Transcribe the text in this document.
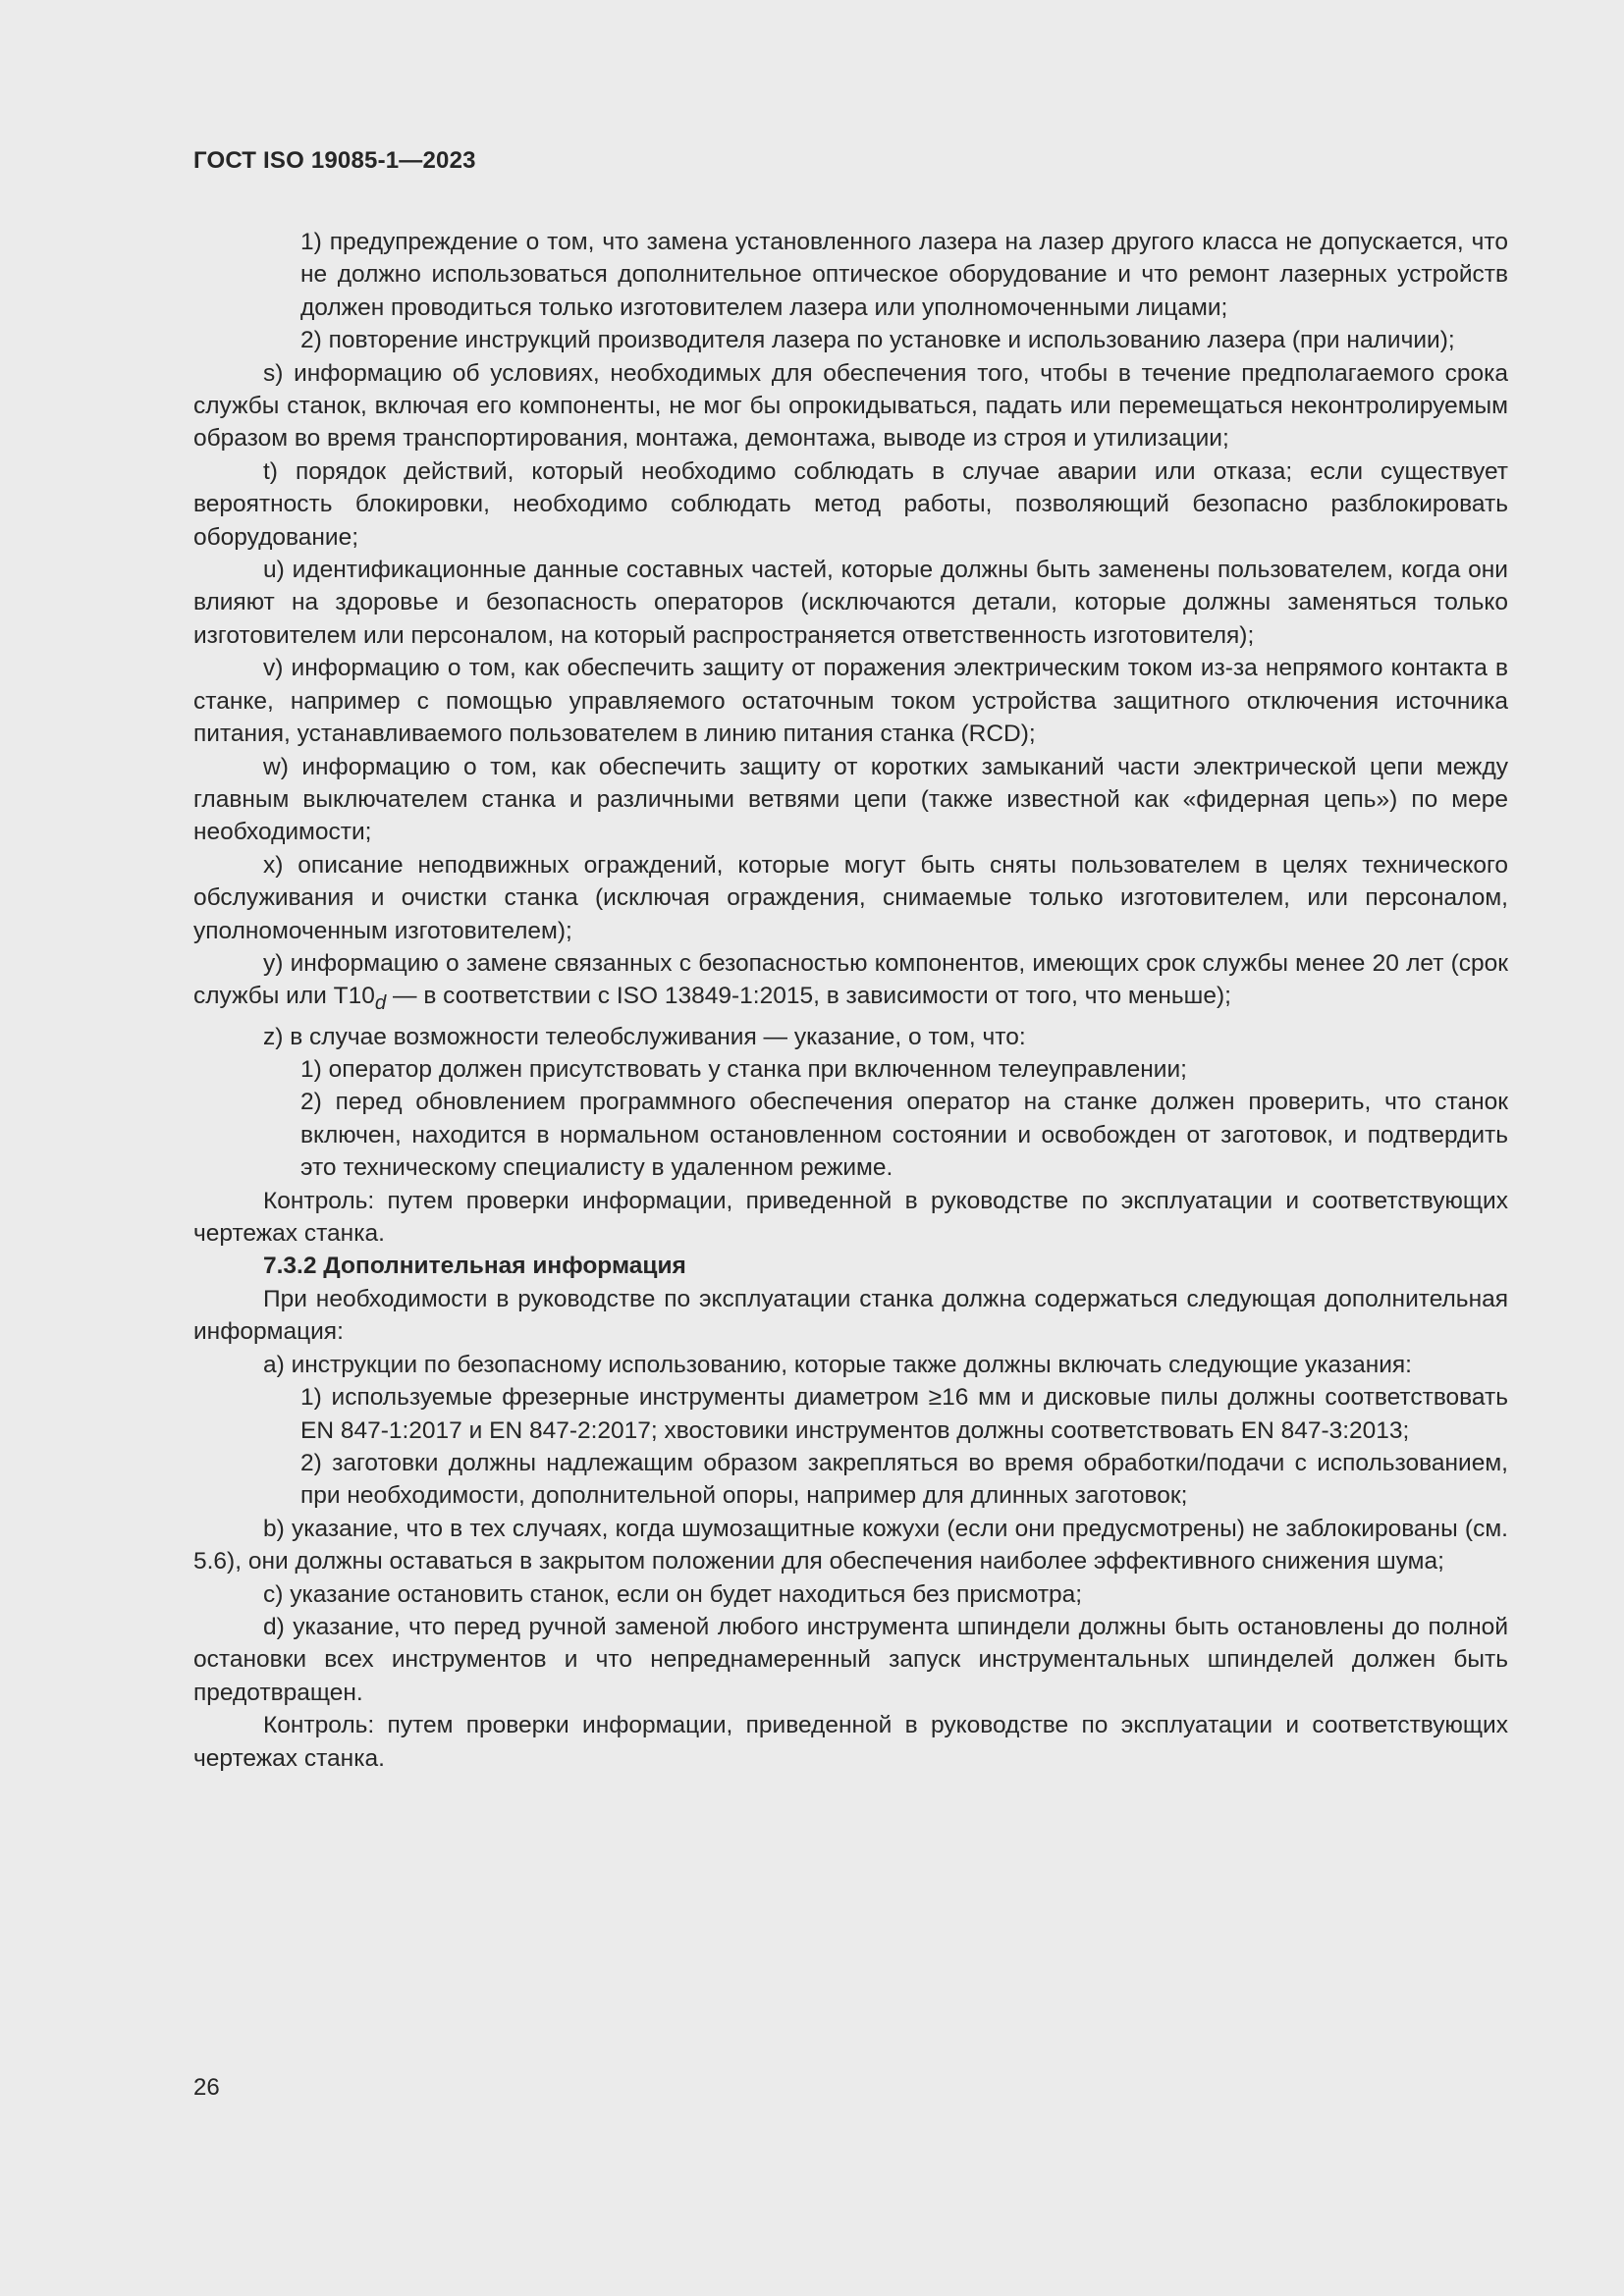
ГОСТ ISO 19085-1—2023

1) предупреждение о том, что замена установленного лазера на лазер другого класса не допускается, что не должно использоваться дополнительное оптическое оборудование и что ремонт лазерных устройств должен проводиться только изготовителем лазера или уполномоченными лицами;

2) повторение инструкций производителя лазера по установке и использованию лазера (при наличии);

s) информацию об условиях, необходимых для обеспечения того, чтобы в течение предполагаемого срока службы станок, включая его компоненты, не мог бы опрокидываться, падать или перемещаться неконтролируемым образом во время транспортирования, монтажа, демонтажа, выводе из строя и утилизации;

t) порядок действий, который необходимо соблюдать в случае аварии или отказа; если существует вероятность блокировки, необходимо соблюдать метод работы, позволяющий безопасно разблокировать оборудование;

u) идентификационные данные составных частей, которые должны быть заменены пользователем, когда они влияют на здоровье и безопасность операторов (исключаются детали, которые должны заменяться только изготовителем или персоналом, на который распространяется ответственность изготовителя);

v) информацию о том, как обеспечить защиту от поражения электрическим током из-за непрямого контакта в станке, например с помощью управляемого остаточным током устройства защитного отключения источника питания, устанавливаемого пользователем в линию питания станка (RCD);

w) информацию о том, как обеспечить защиту от коротких замыканий части электрической цепи между главным выключателем станка и различными ветвями цепи (также известной как «фидерная цепь») по мере необходимости;

x) описание неподвижных ограждений, которые могут быть сняты пользователем в целях технического обслуживания и очистки станка (исключая ограждения, снимаемые только изготовителем, или персоналом, уполномоченным изготовителем);

y) информацию о замене связанных с безопасностью компонентов, имеющих срок службы менее 20 лет (срок службы или $T10_d$ — в соответствии с ISO 13849-1:2015, в зависимости от того, что меньше);

z) в случае возможности телеобслуживания — указание, о том, что:

1) оператор должен присутствовать у станка при включенном телеуправлении;

2) перед обновлением программного обеспечения оператор на станке должен проверить, что станок включен, находится в нормальном остановленном состоянии и освобожден от заготовок, и подтвердить это техническому специалисту в удаленном режиме.

Контроль: путем проверки информации, приведенной в руководстве по эксплуатации и соответствующих чертежах станка.

7.3.2 Дополнительная информация

При необходимости в руководстве по эксплуатации станка должна содержаться следующая дополнительная информация:

a) инструкции по безопасному использованию, которые также должны включать следующие указания:

1) используемые фрезерные инструменты диаметром ≥16 мм и дисковые пилы должны соответствовать EN 847-1:2017 и EN 847-2:2017; хвостовики инструментов должны соответствовать EN 847-3:2013;

2) заготовки должны надлежащим образом закрепляться во время обработки/подачи с использованием, при необходимости, дополнительной опоры, например для длинных заготовок;

b) указание, что в тех случаях, когда шумозащитные кожухи (если они предусмотрены) не заблокированы (см. 5.6), они должны оставаться в закрытом положении для обеспечения наиболее эффективного снижения шума;

c) указание остановить станок, если он будет находиться без присмотра;

d) указание, что перед ручной заменой любого инструмента шпиндели должны быть остановлены до полной остановки всех инструментов и что непреднамеренный запуск инструментальных шпинделей должен быть предотвращен.

Контроль: путем проверки информации, приведенной в руководстве по эксплуатации и соответствующих чертежах станка.

26
